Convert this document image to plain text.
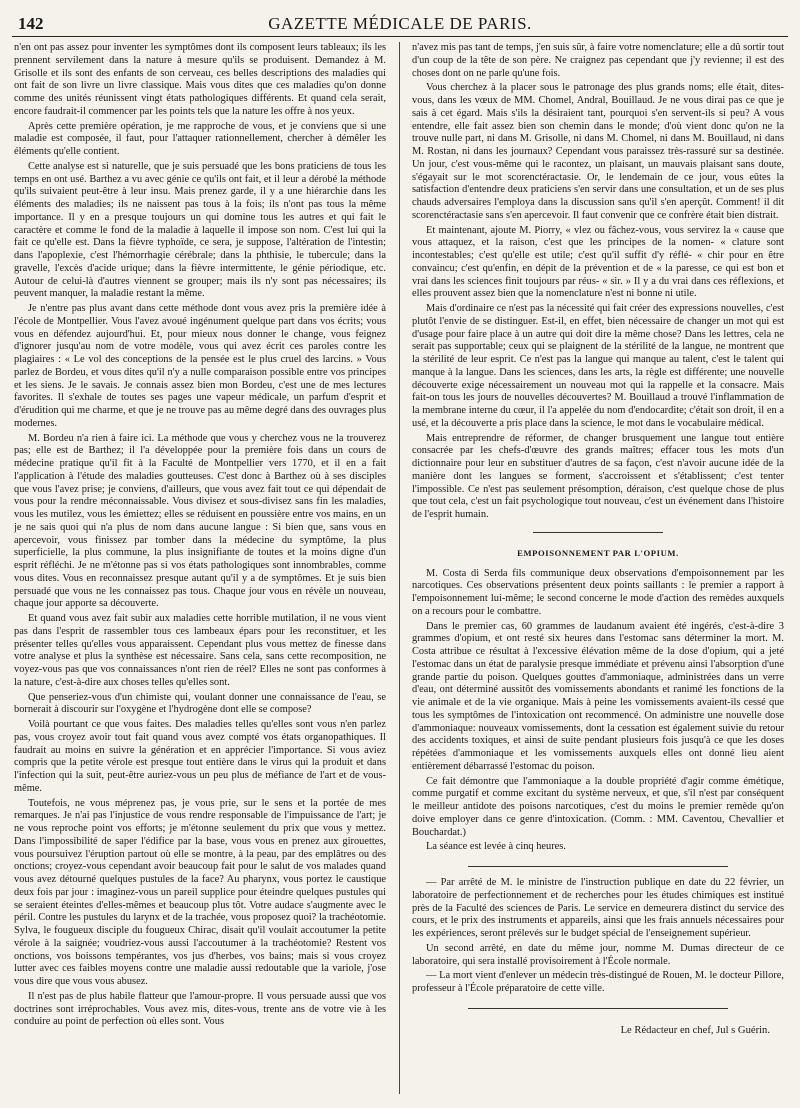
142	GAZETTE MÉDICALE DE PARIS.

n'en ont pas assez pour inventer les symptômes dont ils composent leurs tableaux; ils les prennent servilement dans la nature à mesure qu'ils se produisent. Demandez à M. Grisolle et ils sont des enfants de son cerveau, ces belles descriptions des maladies qui ont fait de son livre un livre classique. Mais vous dites que ces maladies qu'on donne comme des unités réunissent vingt états pathologiques différents. Et quand cela serait, encore faudrait-il commencer par les points tels que la nature les offre à nos yeux.

Après cette première opération, je me rapproche de vous, et je conviens que si une maladie est composée, il faut, pour l'attaquer rationnellement, chercher à démêler les éléments qu'elle contient.

Cette analyse est si naturelle, que je suis persuadé que les bons praticiens de tous les temps en ont usé. Barthez a vu avec génie ce qu'ils ont fait, et il leur a dérobé la méthode qu'ils suivaient peut-être à leur insu. Mais prenez garde, il y a une hiérarchie dans les éléments des maladies; ils ne naissent pas tous à la fois; ils n'ont pas tous la même importance. Il y en a presque toujours un qui domine tous les autres et qui fait le caractère et comme le fond de la maladie à laquelle il impose son nom. C'est lui qui la fait ce qu'elle est. Dans la fièvre typhoïde, ce sera, je suppose, l'altération de l'intestin; dans l'apoplexie, c'est l'hémorrhagie cérébrale; dans la phthisie, le tubercule; dans la gravelle, l'excès d'acide urique; dans la fièvre intermittente, le génie périodique, etc. Autour de celui-là d'autres viennent se grouper; mais ils n'y sont pas nécessaires; ils peuvent manquer, la maladie restant la même.

Je n'entre pas plus avant dans cette méthode dont vous avez pris la première idée à l'école de Montpellier. Vous l'avez avoué ingénument quelque part dans vos écrits; vous vous en défendez aujourd'hui. Et, pour mieux nous donner le change, vous feignez d'ignorer jusqu'au nom de votre modèle, vous qui avez écrit ces paroles contre les plagiaires : « Le vol des conceptions de la pensée est le plus cruel des larcins. » Vous parlez de Bordeu, et vous dites qu'il n'y a nulle comparaison possible entre vos principes et les siens. Je le savais. Je connais assez bien mon Bordeu, c'est une de mes lectures favorites. Il s'exhale de toutes ses pages une vapeur médicale, un parfum d'esprit et d'érudition qui me charme, et que je ne trouve pas au même degré dans des ouvrages plus modernes.

M. Bordeu n'a rien à faire ici. La méthode que vous y cherchez vous ne la trouverez pas; elle est de Barthez; il l'a développée pour la première fois dans un cours de médecine pratique qu'il fit à la Faculté de Montpellier vers 1770, et il en a fait l'application à l'étude des maladies goutteuses. C'est donc à Barthez où à ses disciples que vous l'avez prise; je conviens, d'ailleurs, que vous avez fait tout ce qui dépendait de vous pour la rendre méconnaissable. Vous divisez et sous-divisez sans fin les maladies, vous les mutilez, vous les émiettez; elles se réduisent en poussière entre vos mains, en un je ne sais quoi qui n'a plus de nom dans aucune langue : Si bien que, sans vous en apercevoir, vous finissez par tomber dans la médecine du symptôme, la plus superficielle, la plus commune, la plus insignifiante de toutes et la moins digne d'un esprit réfléchi. Je ne m'étonne pas si vos états pathologiques sont innombrables, comme vous dites. Vous en reconnaissez presque autant qu'il y a de symptômes. Et je suis bien persuadé que vous ne les connaissez pas tous. Chaque jour vous en révèle un nouveau, chaque jour apporte sa découverte.

Et quand vous avez fait subir aux maladies cette horrible mutilation, il ne vous vient pas dans l'esprit de rassembler tous ces lambeaux épars pour les reconstituer, et les présenter telles qu'elles vous apparaissent. Cependant plus vous mettez de finesse dans votre analyse et plus la synthèse est nécessaire. Sans cela, sans cette recomposition, ne voyez-vous pas que vos connaissances n'ont rien de réel? Elles ne sont pas conformes à la nature, c'est-à-dire aux choses telles qu'elles sont.

Que penseriez-vous d'un chimiste qui, voulant donner une connaissance de l'eau, se bornerait à discourir sur l'oxygène et l'hydrogène dont elle se compose?

Voilà pourtant ce que vous faites. Des maladies telles qu'elles sont vous n'en parlez pas, vous croyez avoir tout fait quand vous avez compté vos états organopathiques. Il faudrait au moins en suivre la génération et en apprécier l'importance. Si vous aviez compris que la petite vérole est presque tout entière dans le virus qui la produit et dans l'infection qui la suit, peut-être auriez-vous un peu plus de méfiance de l'art et de vous-même.

Toutefois, ne vous méprenez pas, je vous prie, sur le sens et la portée de mes remarques. Je n'ai pas l'injustice de vous rendre responsable de l'impuissance de l'art; je ne vous reproche point vos efforts; je m'étonne seulement du prix que vous y mettez. Dans l'impossibilité de saper l'édifice par la base, vous vous en prenez aux girouettes, vous poursuivez l'éruption partout où elle se montre, à la peau, par des emplâtres ou des onctions; croyez-vous cependant avoir beaucoup fait pour le salut de vos malades quand vous avez détourné quelques pustules de la face? Au pharynx, vous portez le caustique deux fois par jour : imaginez-vous un pareil supplice pour éteindre quelques pustules qui se seraient éteintes d'elles-mêmes et beaucoup plus tôt. Votre audace s'augmente avec le péril. Contre les pustules du larynx et de la trachée, vous proposez quoi? la trachéotomie. Sylva, le fougueux disciple du fougueux Chirac, disait qu'il voulait accoutumer la petite vérole à la saignée; voudriez-vous aussi l'accoutumer à la trachéotomie? Restent vos onctions, vos boissons tempérantes, vos jus d'herbes, vos bains; mais si vous croyez lutter avec ces faibles moyens contre une maladie aussi redoutable que la variole, j'ose vous dire que vous vous abusez.

Il n'est pas de plus habile flatteur que l'amour-propre. Il vous persuade aussi que vos doctrines sont irréprochables. Vous avez mis, dites-vous, trente ans de votre vie à les conduire au point de perfection où elles sont. Vous

n'avez mis pas tant de temps, j'en suis sûr, à faire votre nomenclature; elle a dû sortir tout d'un coup de la tête de son père. Ne craignez pas cependant que j'y revienne; il est des choses dont on ne parle qu'une fois.

Vous cherchez à la placer sous le patronage des plus grands noms; elle était, dites-vous, dans les vœux de MM. Chomel, Andral, Bouillaud. Je ne vous dirai pas ce que je sais à cet égard. Mais s'ils la désiraient tant, pourquoi s'en servent-ils si peu? A vous entendre, elle fait assez bien son chemin dans le monde; d'où vient donc qu'on ne la trouve nulle part, ni dans M. Grisolle, ni dans M. Chomel, ni dans M. Bouillaud, ni dans M. Rostan, ni dans les journaux? Cependant vous paraissez très-rassuré sur sa destinée. Un jour, c'est vous-même qui le racontez, un plaisant, un mauvais plaisant sans doute, s'égayait sur le mot scorenctéractasie. Or, le lendemain de ce jour, vous eûtes la satisfaction d'entendre deux praticiens s'en servir dans une consultation, et un de ses plus chauds adversaires l'employa dans la discussion sans qu'il s'en aperçût. Comment! il dit scorenctéractasie sans s'en apercevoir. Il faut convenir que ce confrère était bien distrait.

Et maintenant, ajoute M. Piorry, « vlez ou fâchez-vous, vous servirez la « cause que vous attaquez, et la raison, c'est que les principes de la nomen- « clature sont incontestables; c'est qu'elle est utile; c'est qu'il suffit d'y réflé- « chir pour en être convaincu; c'est qu'enfin, en dépit de la prévention et de « la paresse, ce qui est bon et vrai dans les sciences finit toujours par réus- « sir. » Il y a du vrai dans ces réflexions, et elles prouvent assez bien que la nomenclature n'est ni bonne ni utile.

Mais d'ordinaire ce n'est pas la nécessité qui fait créer des expressions nouvelles, c'est plutôt l'envie de se distinguer. Est-il, en effet, bien nécessaire de changer un mot qui est d'usage pour faire place à un autre qui doit dire la même chose? Dans les lettres, cela ne serait pas supportable; ceux qui se plaignent de la stérilité de la langue, ne montrent que la stérilité de leur esprit. Ce n'est pas la langue qui manque au talent, c'est le talent qui manque à la langue. Dans les sciences, dans les arts, la règle est différente; une nouvelle découverte exige nécessairement un nouveau mot qui la rappelle et la consacre. Mais fait-on tous les jours de nouvelles découvertes? M. Bouillaud a trouvé l'inflammation de la membrane interne du cœur, il l'a appelée du nom d'endocardite; c'était son droit, il en a usé, et la découverte a pris place dans la science, le mot dans le vocabulaire médical.

Mais entreprendre de réformer, de changer brusquement une langue tout entière consacrée par les chefs-d'œuvre des grands maîtres; effacer tous les mots d'un dictionnaire pour leur en substituer d'autres de sa façon, c'est n'avoir aucune idée de la manière dont les langues se forment, s'accroissent et s'établissent; c'est tenter l'impossible. Ce n'est pas seulement présomption, déraison, c'est quelque chose de plus que tout cela, c'est un fait psychologique tout nouveau, c'est un événement dans l'histoire de l'esprit humain.

EMPOISONNEMENT PAR L'OPIUM.

M. Costa di Serda fils communique deux observations d'empoisonnement par les narcotiques. Ces observations présentent deux points saillants : le premier a rapport à l'empoisonnement lui-même; le second concerne le mode d'action des remèdes auxquels on a recours pour le combattre.

Dans le premier cas, 60 grammes de laudanum avaient été ingérés, c'est-à-dire 3 grammes d'opium, et ont resté six heures dans l'estomac sans déterminer la mort. M. Costa attribue ce résultat à l'excessive élévation même de la dose d'opium, qui a jeté l'estomac dans un état de paralysie presque immédiate et prévenu ainsi l'absorption d'une grande partie du poison. Quelques gouttes d'ammoniaque, administrées dans un verre d'eau, ont déterminé aussitôt des vomissements abondants et ranimé les fonctions de la vie animale et de la vie organique. Mais à peine les vomissements avaient-ils cessé que tous les symptômes de l'intoxication ont recommencé. On administre une nouvelle dose d'ammoniaque: nouveaux vomissements, dont la cessation est également suivie du retour des accidents toxiques, et ainsi de suite pendant plusieurs fois jusqu'à ce que les doses répétées d'ammoniaque et les vomissements auxquels elles ont donné lieu aient entièrement débarrassé l'estomac du poison.

Ce fait démontre que l'ammoniaque a la double propriété d'agir comme émétique, comme purgatif et comme excitant du système nerveux, et que, s'il n'est par conséquent le meilleur antidote des poisons narcotiques, c'est du moins le premier remède qu'on doive employer dans ce genre d'intoxication. (Comm. : MM. Caventou, Chevallier et Bouchardat.)

La séance est levée à cinq heures.

— Par arrêté de M. le ministre de l'instruction publique en date du 22 février, un laboratoire de perfectionnement et de recherches pour les études chimiques est institué près de la Faculté des sciences de Paris. Le service en demeurera distinct du service des cours, et le prix des instruments et appareils, ainsi que les frais annuels nécessaires pour les expériences, seront prélevés sur le budget spécial de l'enseignement supérieur.

Un second arrêté, en date du même jour, nomme M. Dumas directeur de ce laboratoire, qui sera installé provisoirement à l'École normale.

— La mort vient d'enlever un médecin très-distingué de Rouen, M. le docteur Pillore, professeur à l'École préparatoire de cette ville.

Le Rédacteur en chef, Jul s Guérin.
